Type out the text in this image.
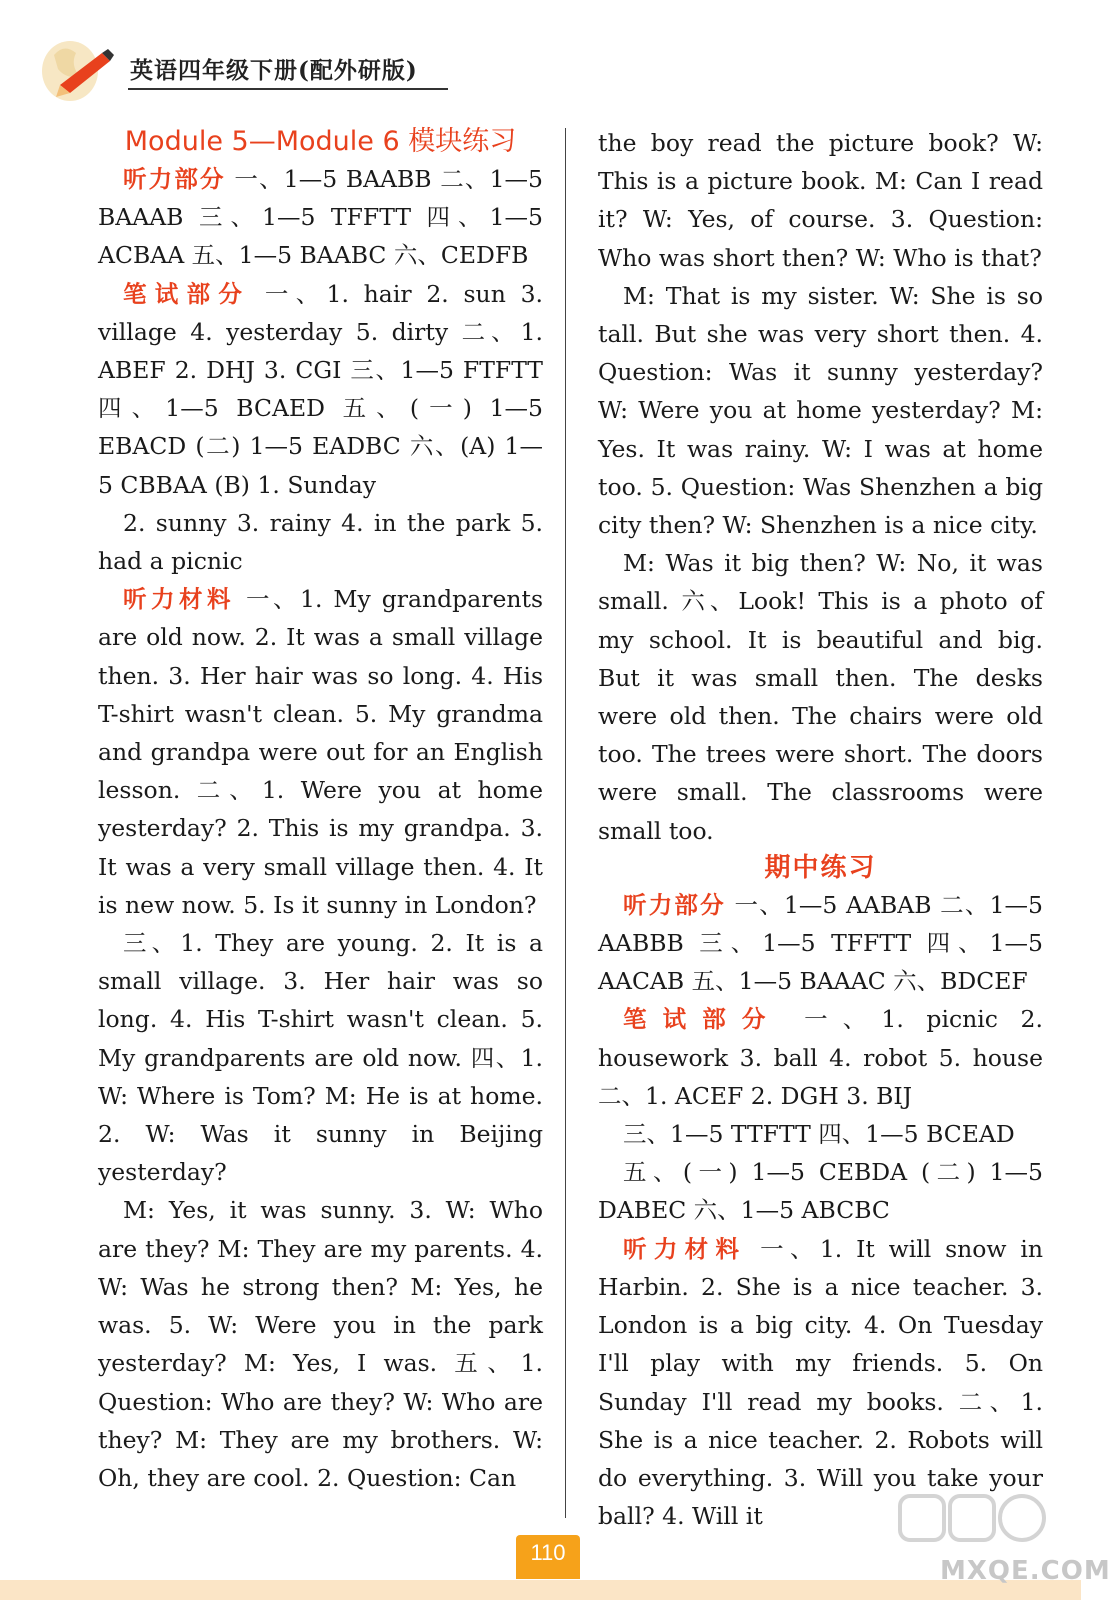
英语四年级下册(配外研版)

Module 5—Module 6 模块练习

听力部分 一、1—5 BAABB 二、1—5 BAAAB 三、1—5 TFFTT 四、1—5 ACBAA 五、1—5 BAABC 六、CEDFB

笔试部分 一、1. hair 2. sun 3. village 4. yesterday 5. dirty 二、1. ABEF 2. DHJ 3. CGI 三、1—5 FTFTT 四、1—5 BCAED 五、(一) 1—5 EBACD (二) 1—5 EADBC 六、(A) 1—5 CBBAA (B) 1. Sunday

2. sunny 3. rainy 4. in the park 5. had a picnic

听力材料 一、1. My grandparents are old now. 2. It was a small village then. 3. Her hair was so long. 4. His T-shirt wasn't clean. 5. My grandma and grandpa were out for an English lesson. 二、1. Were you at home yesterday? 2. This is my grandpa. 3. It was a very small village then. 4. It is new now. 5. Is it sunny in London?

三、1. They are young. 2. It is a small village. 3. Her hair was so long. 4. His T-shirt wasn't clean. 5. My grandparents are old now. 四、1. W: Where is Tom? M: He is at home. 2. W: Was it sunny in Beijing yesterday?

M: Yes, it was sunny. 3. W: Who are they? M: They are my parents. 4. W: Was he strong then? M: Yes, he was. 5. W: Were you in the park yesterday? M: Yes, I was. 五、1. Question: Who are they? W: Who are they? M: They are my brothers. W: Oh, they are cool. 2. Question: Can

the boy read the picture book? W: This is a picture book. M: Can I read it? W: Yes, of course. 3. Question: Who was short then? W: Who is that?

M: That is my sister. W: She is so tall. But she was very short then. 4. Question: Was it sunny yesterday? W: Were you at home yesterday? M: Yes. It was rainy. W: I was at home too. 5. Question: Was Shenzhen a big city then? W: Shenzhen is a nice city.

M: Was it big then? W: No, it was small. 六、Look! This is a photo of my school. It is beautiful and big. But it was small then. The desks were old then. The chairs were old too. The trees were short. The doors were small. The classrooms were small too.

期中练习

听力部分 一、1—5 AABAB 二、1—5 AABBB 三、1—5 TFFTT 四、1—5 AACAB 五、1—5 BAAAC 六、BDCEF

笔试部分 一、1. picnic 2. housework 3. ball 4. robot 5. house 二、1. ACEF 2. DGH 3. BIJ

三、1—5 TTFTT 四、1—5 BCEAD

五、(一) 1—5 CEBDA (二) 1—5 DABEC 六、1—5 ABCBC

听力材料 一、1. It will snow in Harbin. 2. She is a nice teacher. 3. London is a big city. 4. On Tuesday I'll play with my friends. 5. On Sunday I'll read my books. 二、1. She is a nice teacher. 2. Robots will do everything. 3. Will you take your ball? 4. Will it

110
MXQE.COM
